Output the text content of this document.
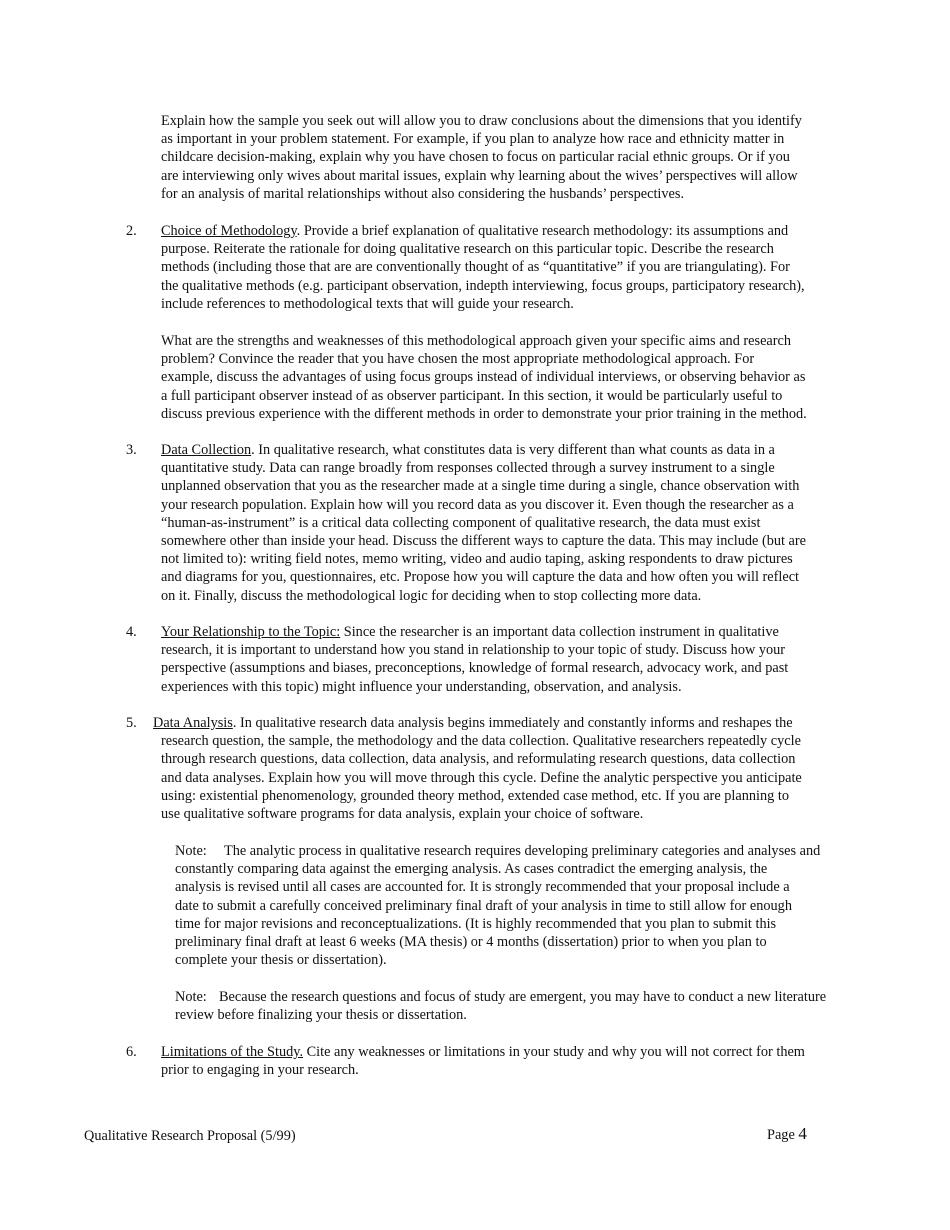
Explain how the sample you seek out will allow you to draw conclusions about the dimensions that you identify
as important in your problem statement. For example, if you plan to analyze how race and ethnicity matter in
childcare decision-making, explain why you have chosen to focus on particular racial ethnic groups. Or if you
are interviewing only wives about marital issues, explain why learning about the wives’ perspectives will allow
for an analysis of marital relationships without also considering the husbands’ perspectives.

2. Choice of Methodology. Provide a brief explanation of qualitative research methodology: its assumptions and
purpose. Reiterate the rationale for doing qualitative research on this particular topic. Describe the research
methods (including those that are are conventionally thought of as “quantitative” if you are triangulating). For
the qualitative methods (e.g. participant observation, indepth interviewing, focus groups, participatory research),
include references to methodological texts that will guide your research.

What are the strengths and weaknesses of this methodological approach given your specific aims and research
problem? Convince the reader that you have chosen the most appropriate methodological approach. For
example, discuss the advantages of using focus groups instead of individual interviews, or observing behavior as
a full participant observer instead of as observer participant. In this section, it would be particularly useful to
discuss previous experience with the different methods in order to demonstrate your prior training in the method.

3. Data Collection. In qualitative research, what constitutes data is very different than what counts as data in a
quantitative study. Data can range broadly from responses collected through a survey instrument to a single
unplanned observation that you as the researcher made at a single time during a single, chance observation with
your research population. Explain how will you record data as you discover it. Even though the researcher as a
“human-as-instrument” is a critical data collecting component of qualitative research, the data must exist
somewhere other than inside your head. Discuss the different ways to capture the data. This may include (but are
not limited to): writing field notes, memo writing, video and audio taping, asking respondents to draw pictures
and diagrams for you, questionnaires, etc. Propose how you will capture the data and how often you will reflect
on it. Finally, discuss the methodological logic for deciding when to stop collecting more data.
4. Your Relationship to the Topic: Since the researcher is an important data collection instrument in qualitative
research, it is important to understand how you stand in relationship to your topic of study. Discuss how your
perspective (assumptions and biases, preconceptions, knowledge of formal research, advocacy work, and past
experiences with this topic) might influence your understanding, observation, and analysis.
5. Data Analysis. In qualitative research data analysis begins immediately and constantly informs and reshapes the
research question, the sample, the methodology and the data collection. Qualitative researchers repeatedly cycle
through research questions, data collection, data analysis, and reformulating research questions, data collection
and data analyses. Explain how you will move through this cycle. Define the analytic perspective you anticipate
using: existential phenomenology, grounded theory method, extended case method, etc. If you are planning to
use qualitative software programs for data analysis, explain your choice of software.
Note: The analytic process in qualitative research requires developing preliminary categories and analyses and
constantly comparing data against the emerging analysis. As cases contradict the emerging analysis, the
analysis is revised until all cases are accounted for. It is strongly recommended that your proposal include a
date to submit a carefully conceived preliminary final draft of your analysis in time to still allow for enough
time for major revisions and reconceptualizations. (It is highly recommended that you plan to submit this
preliminary final draft at least 6 weeks (MA thesis) or 4 months (dissertation) prior to when you plan to
complete your thesis or dissertation).
Note: Because the research questions and focus of study are emergent, you may have to conduct a new literature
review before finalizing your thesis or dissertation.
6. Limitations of the Study. Cite any weaknesses or limitations in your study and why you will not correct for them
prior to engaging in your research.

Qualitative Research Proposal (5/99)	Page 4
